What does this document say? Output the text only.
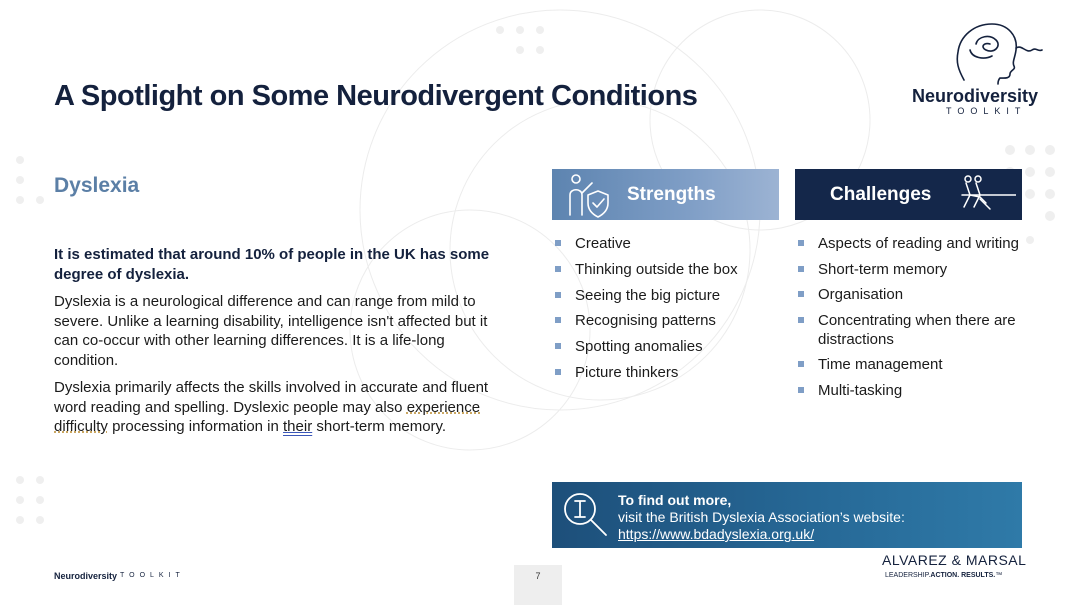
A Spotlight on Some Neurodivergent Conditions	Neurodiversity
TOOLKIT
Dyslexia
It is estimated that around 10% of people in the UK has some degree of dyslexia.
Dyslexia is a neurological difference and can range from mild to severe. Unlike a learning disability, intelligence isn't affected but it can co-occur with other learning differences. It is a life-long condition.
Dyslexia primarily affects the skills involved in accurate and fluent word reading and spelling. Dyslexic people may also experience difficulty processing information in their short-term memory.
Strengths	Challenges
Creative
Thinking outside the box
Seeing the big picture
Recognising patterns
Spotting anomalies
Picture thinkers
Aspects of reading and writing
Short-term memory
Organisation
Concentrating when there are distractions
Time management
Multi-tasking
To find out more,
visit the British Dyslexia Association’s website:
https://www.bdadyslexia.org.uk/
Neurodiversity TOOLKIT	7
ALVAREZ & MARSAL
LEADERSHIP.ACTION. RESULTS.™
